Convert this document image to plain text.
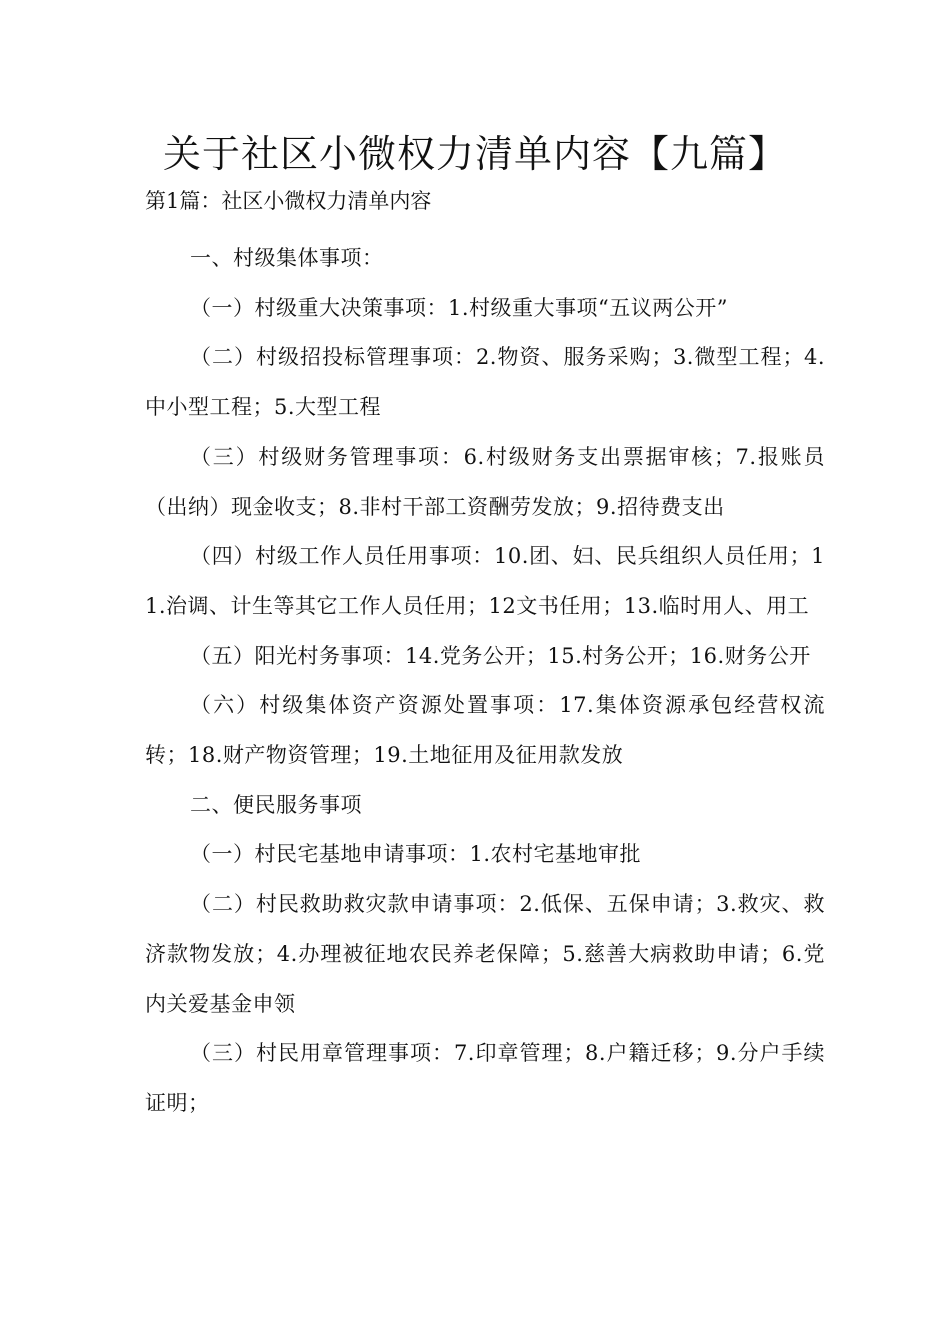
关于社区小微权力清单内容【九篇】
第1篇：社区小微权力清单内容

一、村级集体事项：

（一）村级重大决策事项：1.村级重大事项“五议两公开”

（二）村级招投标管理事项：2.物资、服务采购；3.微型工程；4.中小型工程；5.大型工程

（三）村级财务管理事项：6.村级财务支出票据审核；7.报账员（出纳）现金收支；8.非村干部工资酬劳发放；9.招待费支出

（四）村级工作人员任用事项：10.团、妇、民兵组织人员任用；11.治调、计生等其它工作人员任用；12文书任用；13.临时用人、用工

（五）阳光村务事项：14.党务公开；15.村务公开；16.财务公开

（六）村级集体资产资源处置事项：17.集体资源承包经营权流转；18.财产物资管理；19.土地征用及征用款发放

二、便民服务事项

（一）村民宅基地申请事项：1.农村宅基地审批

（二）村民救助救灾款申请事项：2.低保、五保申请；3.救灾、救济款物发放；4.办理被征地农民养老保障；5.慈善大病救助申请；6.党内关爱基金申领

（三）村民用章管理事项：7.印章管理；8.户籍迁移；9.分户手续证明；
